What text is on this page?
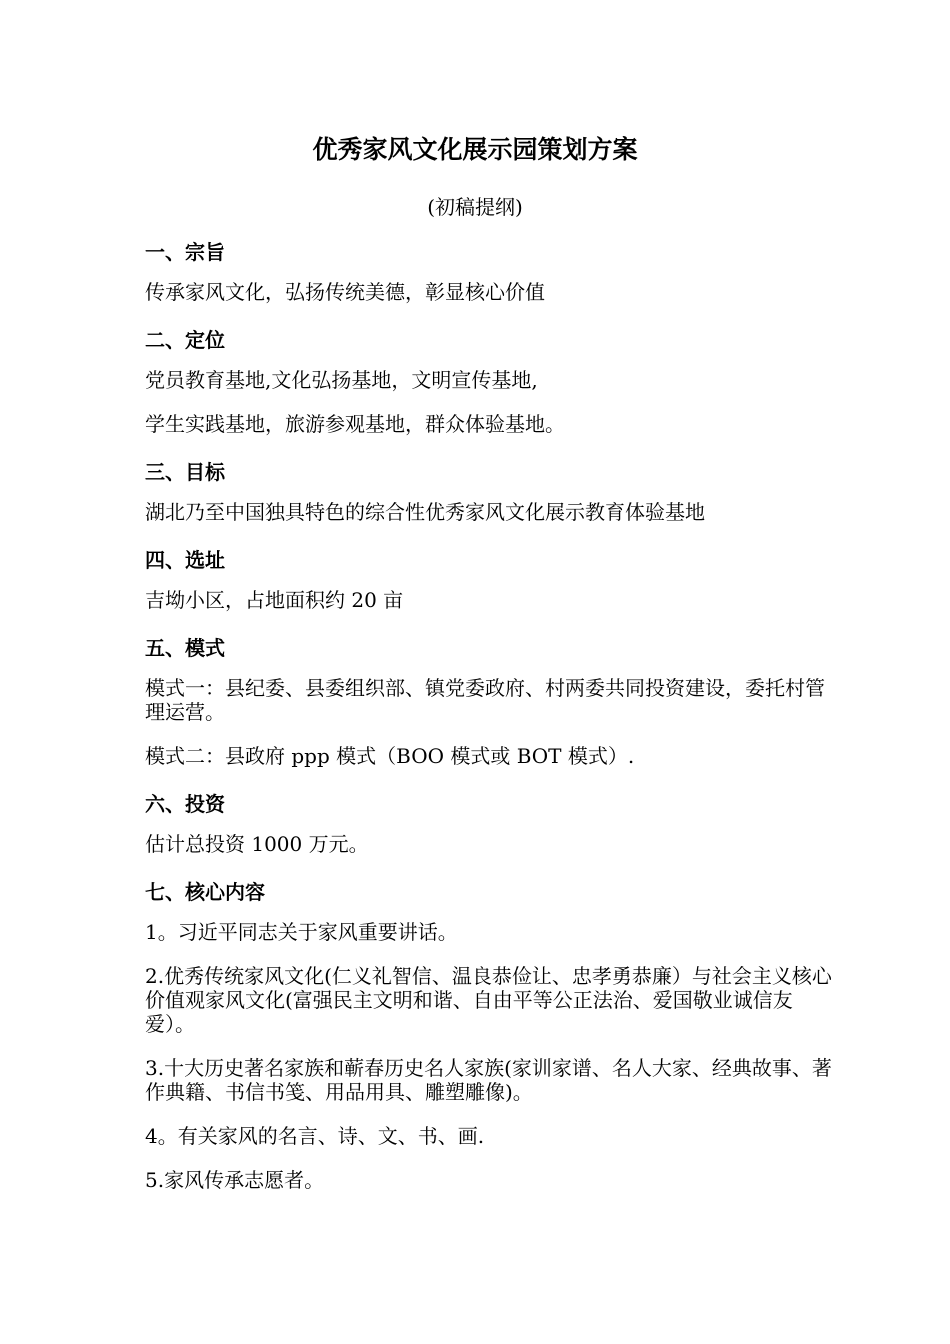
优秀家风文化展示园策划方案

(初稿提纲)

一、宗旨

传承家风文化，弘扬传统美德，彰显核心价值

二、定位

党员教育基地,文化弘扬基地，文明宣传基地,

学生实践基地，旅游参观基地，群众体验基地。

三、目标

湖北乃至中国独具特色的综合性优秀家风文化展示教育体验基地

四、选址

吉坳小区，占地面积约 20 亩

五、模式

模式一：县纪委、县委组织部、镇党委政府、村两委共同投资建设，委托村管理运营。

模式二：县政府 ppp 模式（BOO 模式或 BOT 模式）.

六、投资

估计总投资 1000 万元。

七、核心内容

1。习近平同志关于家风重要讲话。

2.优秀传统家风文化(仁义礼智信、温良恭俭让、忠孝勇恭廉）与社会主义核心价值观家风文化(富强民主文明和谐、自由平等公正法治、爱国敬业诚信友爱）。

3.十大历史著名家族和蕲春历史名人家族(家训家谱、名人大家、经典故事、著作典籍、书信书笺、用品用具、雕塑雕像)。

4。有关家风的名言、诗、文、书、画.

5.家风传承志愿者。
